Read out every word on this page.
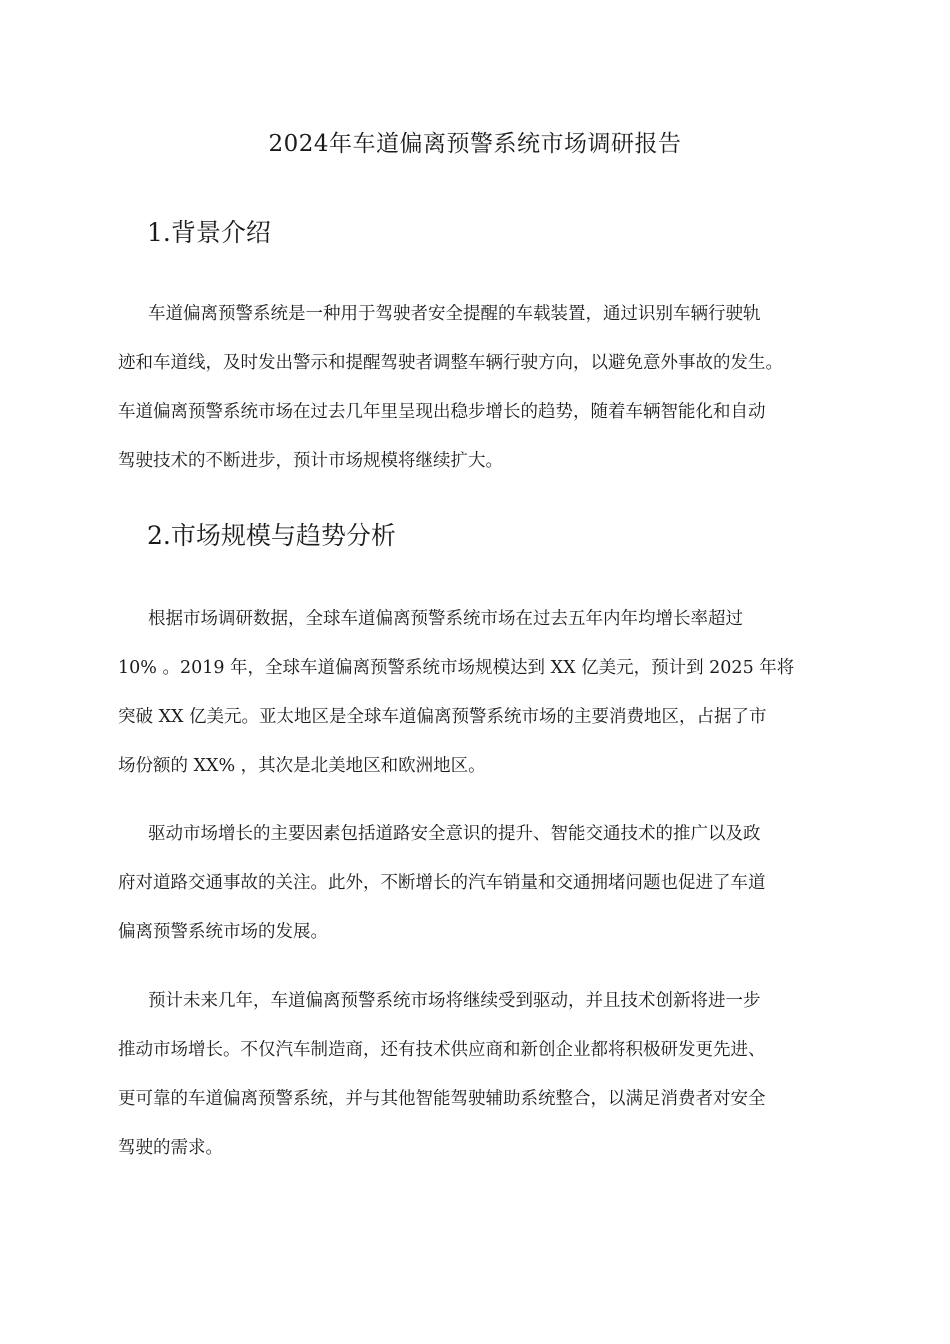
2024年车道偏离预警系统市场调研报告
1.背景介绍

车道偏离预警系统是一种用于驾驶者安全提醒的车载装置，通过识别车辆行驶轨

迹和车道线，及时发出警示和提醒驾驶者调整车辆行驶方向，以避免意外事故的发生。

车道偏离预警系统市场在过去几年里呈现出稳步增长的趋势，随着车辆智能化和自动

驾驶技术的不断进步，预计市场规模将继续扩大。

2.市场规模与趋势分析

根据市场调研数据，全球车道偏离预警系统市场在过去五年内年均增长率超过

10% 。2019 年，全球车道偏离预警系统市场规模达到 XX 亿美元，预计到 2025 年将

突破 XX 亿美元。亚太地区是全球车道偏离预警系统市场的主要消费地区，占据了市

场份额的 XX% ，其次是北美地区和欧洲地区。

驱动市场增长的主要因素包括道路安全意识的提升、智能交通技术的推广以及政

府对道路交通事故的关注。此外，不断增长的汽车销量和交通拥堵问题也促进了车道

偏离预警系统市场的发展。

预计未来几年，车道偏离预警系统市场将继续受到驱动，并且技术创新将进一步

推动市场增长。不仅汽车制造商，还有技术供应商和新创企业都将积极研发更先进、

更可靠的车道偏离预警系统，并与其他智能驾驶辅助系统整合，以满足消费者对安全

驾驶的需求。
